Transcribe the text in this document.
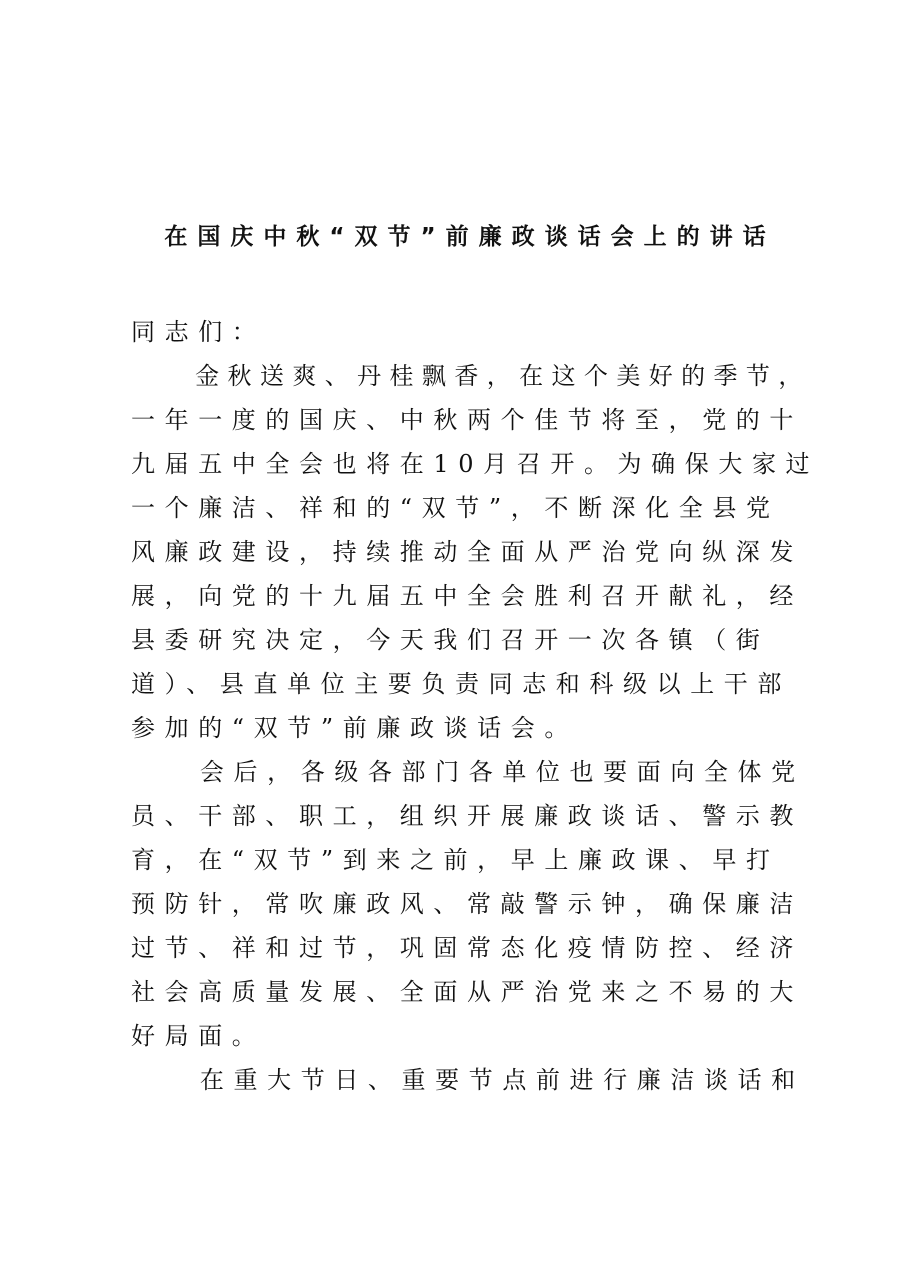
在国庆中秋“双节”前廉政谈话会上的讲话
同志们：
金秋送爽、丹桂飘香，在这个美好的季节，
一年一度的国庆、中秋两个佳节将至，党的十
九届五中全会也将在10月召开。为确保大家过
一个廉洁、祥和的“双节”，不断深化全县党
风廉政建设，持续推动全面从严治党向纵深发
展，向党的十九届五中全会胜利召开献礼，经
县委研究决定，今天我们召开一次各镇（街
道）、县直单位主要负责同志和科级以上干部
参加的“双节”前廉政谈话会。
会后，各级各部门各单位也要面向全体党
员、干部、职工，组织开展廉政谈话、警示教
育，在“双节”到来之前，早上廉政课、早打
预防针，常吹廉政风、常敲警示钟，确保廉洁
过节、祥和过节，巩固常态化疫情防控、经济
社会高质量发展、全面从严治党来之不易的大
好局面。
在重大节日、重要节点前进行廉洁谈话和
